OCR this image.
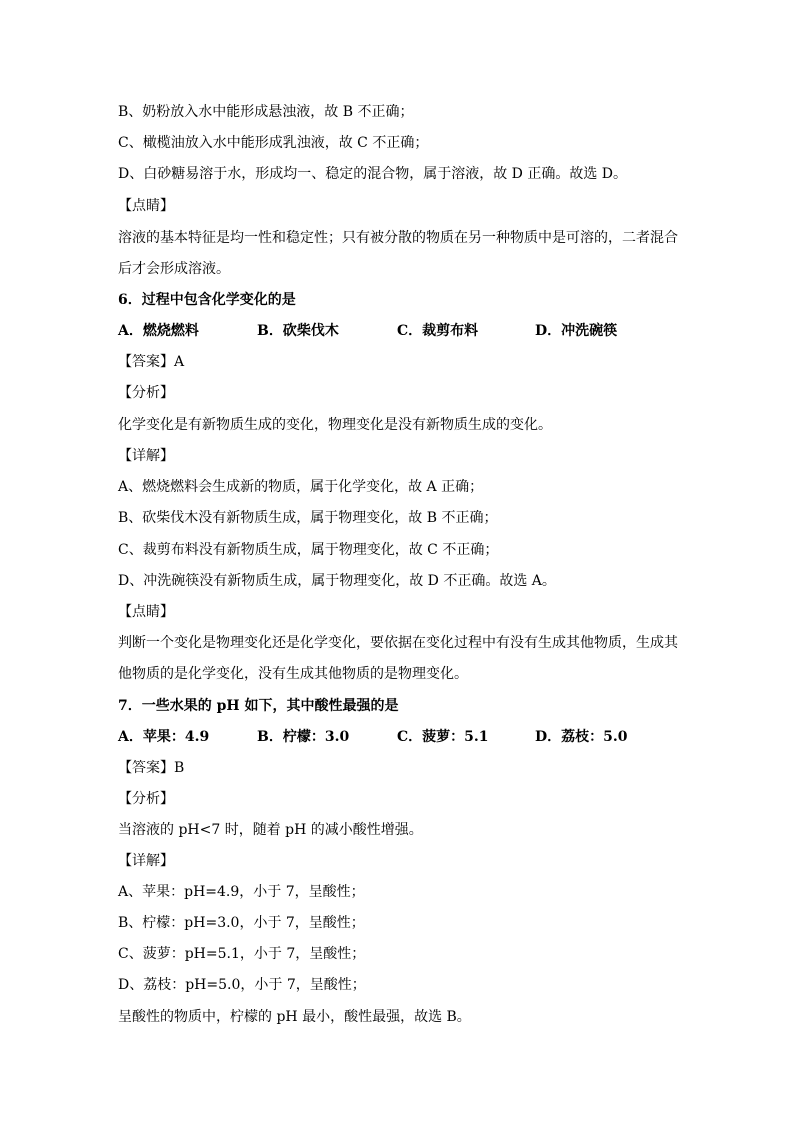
B、奶粉放入水中能形成悬浊液，故 B 不正确；
C、橄榄油放入水中能形成乳浊液，故 C 不正确；
D、白砂糖易溶于水，形成均一、稳定的混合物，属于溶液，故 D 正确。故选 D。
【点睛】
溶液的基本特征是均一性和稳定性；只有被分散的物质在另一种物质中是可溶的，二者混合
后才会形成溶液。
6．过程中包含化学变化的是
A．燃烧燃料	B．砍柴伐木	C．裁剪布料	D．冲洗碗筷
【答案】A
【分析】
化学变化是有新物质生成的变化，物理变化是没有新物质生成的变化。
【详解】
A、燃烧燃料会生成新的物质，属于化学变化，故 A 正确；
B、砍柴伐木没有新物质生成，属于物理变化，故 B 不正确；
C、裁剪布料没有新物质生成，属于物理变化，故 C 不正确；
D、冲洗碗筷没有新物质生成，属于物理变化，故 D 不正确。故选 A。
【点睛】
判断一个变化是物理变化还是化学变化，要依据在变化过程中有没有生成其他物质，生成其
他物质的是化学变化，没有生成其他物质的是物理变化。
7．一些水果的 pH 如下，其中酸性最强的是
A．苹果：4.9	B．柠檬：3.0	C．菠萝：5.1	D．荔枝：5.0
【答案】B
【分析】
当溶液的 pH<7 时，随着 pH 的减小酸性增强。
【详解】
A、苹果：pH=4.9，小于 7，呈酸性；
B、柠檬：pH=3.0，小于 7，呈酸性；
C、菠萝：pH=5.1，小于 7，呈酸性；
D、荔枝：pH=5.0，小于 7，呈酸性；
呈酸性的物质中，柠檬的 pH 最小，酸性最强，故选 B。
